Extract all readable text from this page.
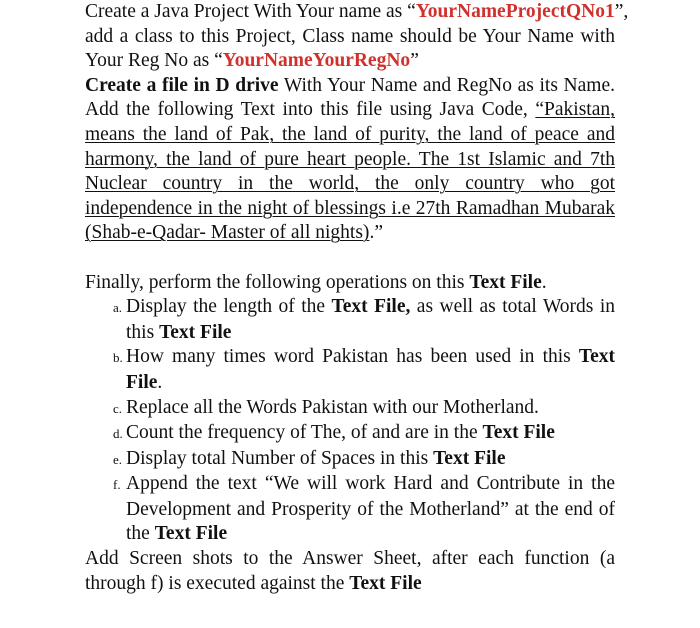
Create a Java Project With Your name as “YourNameProjectQNo1”, add a class to this Project, Class name should be Your Name with Your Reg No as “YourNameYourRegNo”

Create a file in D drive With Your Name and RegNo as its Name. Add the following Text into this file using Java Code, “Pakistan, means the land of Pak, the land of purity, the land of peace and harmony, the land of pure heart people. The 1st Islamic and 7th Nuclear country in the world, the only country who got independence in the night of blessings i.e 27th Ramadhan Mubarak (Shab-e-Qadar- Master of all nights).”

Finally, perform the following operations on this Text File.

a. Display the length of the Text File, as well as total Words in this Text File
b. How many times word Pakistan has been used in this Text File.
c. Replace all the Words Pakistan with our Motherland.
d. Count the frequency of The, of and are in the Text File
e. Display total Number of Spaces in this Text File
f. Append the text “We will work Hard and Contribute in the Development and Prosperity of the Motherland” at the end of the Text File

Add Screen shots to the Answer Sheet, after each function (a through f) is executed against the Text File
